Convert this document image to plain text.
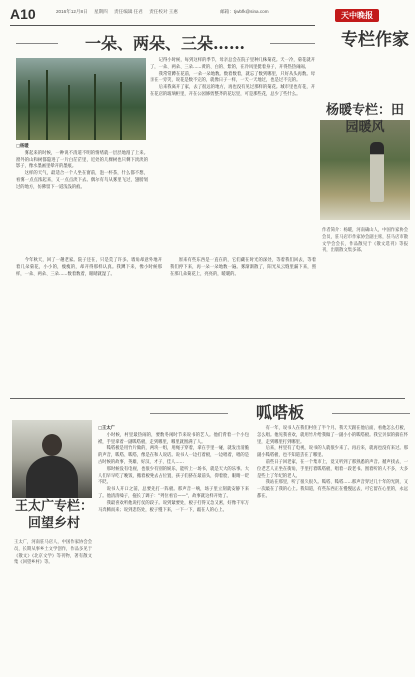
A10	2016年12月8日 星期四 责任编辑 任君 责任校对 王惠	邮箱：tjwbfk@sina.com	天中晚报
专栏作家
一朵、两朵、三朵……

□杨暖

雾起来的时候，一种说不清道不明的情绪就一层层地漫了上来。窗外的山和树都隐进了一片白茫茫里，近处的几棵树也只剩下淡淡的影子，像水墨画里晕开的墨痕。

这样的天气，最适合一个人坐在窗前，泡一杯茶，什么都不想，看雾一点点浓起来，又一点点淡下去。偶尔有鸟从雾里飞过，翅膀划过的地方，仿佛留下一道浅浅的痕。

记得小时候，每到这样的季节，母亲总会在院子里种几株菊花。天一冷，菊花就开了，一朵、两朵、三朵……黄的、白的、紫的，在冷风里挺着身子，开得热热闹闹。

我常常蹲在花前，一朵一朵地数。数着数着，就忘了数到哪里，只好从头再数。母亲在一旁笑，说花是数不完的，就像日子一样，一天一天地过，也是过不完的。

后来我离开了家，去了很远的地方，再也没有见过那样的菊花。城市里也有花，开在花店的玻璃柜里，开在公园修剪整齐的花坛里，可是那些花，总少了些什么。

今年秋天，回了一趟老家。院子还在，只是荒了许多。墙角却意外地开着几朵菊花，小小的，瘦瘦的，却开得那样认真。我蹲下来，像小时候那样，一朵、两朵、三朵……数着数着，眼睛就湿了。

原来有些东西是一直在的，它们藏在时光的深处，等着我们回去，等着我们停下来，再一朵一朵地数一遍。雾渐渐散了，阳光从云缝里漏下来，照在那几朵菊花上，亮亮的，暖暖的。

杨暖专栏：田园暖风
作者简介：杨暖，河南确山人，中国作家协会会员，驻马店市作家协会副主席，驻马店市散文学会会长，作品散见于《散文选刊》等报刊，出版散文集多部。
呱嗒板
王太广专栏：回望乡村
王太广，河南驻马店人，中国作家协会会员，长期从事乡土文学创作，作品多见于《散文》《北京文学》等刊物，著有散文集《回望乡村》等。

□王太广

小时候，村里最热闹的，要数冬闲时节来说书的艺人。他们背着一个小包袱，手里拿着一副呱嗒板，走到哪里，哪里就围满了人。

呱嗒板是用竹片做的，两块一组，用绳子穿着，拿在手里一碰，就发出清脆的声音，呱嗒、呱嗒，像是在和人说话。说书人一边打着板，一边唱着，唱的是古时候的故事，英雄、好汉、才子、佳人……

那时候没有电视，也很少有别的娱乐，能听上一场书，就是天大的乐事。大人们早早吃了晚饭，搬着板凳去占位置，孩子们挤在最前头，仰着脸，眼睛一眨不眨。

说书人开口之前，总要先打一阵板。那声音一响，场子里立刻就安静下来了。他清清嗓子，拖长了调子："列位看官——"，故事就这样开始了。

我最喜欢听他说打仗的段子。说到紧要处，板子打得又急又密，好像千军万马奔腾而来；说到悲伤处，板子慢下来，一下一下，敲在人的心上。

有一年，说书人在我们村住了半个月。我天天跟在他后面，看他怎么打板，怎么唱。他见我喜欢，就用竹片给我做了一副小小的呱嗒板。我宝贝似的揣在怀里，走到哪里打到哪里。

后来，村里有了电视，说书的人就很少来了。再后来，就再也没有来过。那副小呱嗒板，也不知道丢在了哪里。

前些日子回老家，在一个集市上，竟又听到了那熟悉的声音。循声找去，一位老艺人正坐在街角，手里打着呱嗒板，唱着一段老书。围着听的人不多，大多是些上了年纪的老人。

我站在那里，听了很久很久。呱嗒、呱嗒……那声音穿过几十年的光阴，又一次敲在了我的心上。我知道，有些东西正在慢慢远去，可它留在心里的，永远都在。
